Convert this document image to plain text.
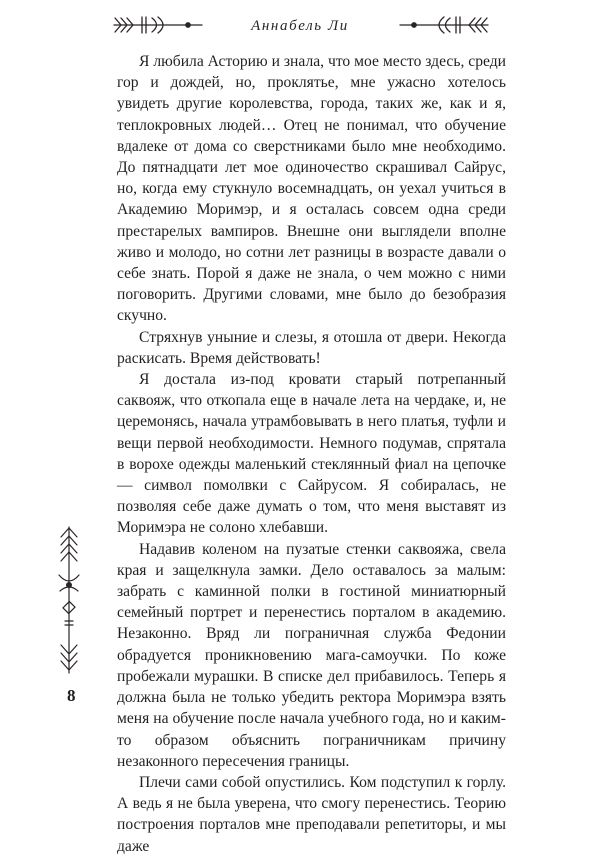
Аннабель Ли

Я любила Асторию и знала, что мое место здесь, среди гор и дождей, но, проклятье, мне ужасно хотелось увидеть другие королевства, города, таких же, как и я, теплокровных людей… Отец не понимал, что обучение вдалеке от дома со сверстниками было мне необходимо. До пятнадцати лет мое одиночество скрашивал Сайрус, но, когда ему стукнуло восемнадцать, он уехал учиться в Академию Моримэр, и я осталась совсем одна среди престарелых вампиров. Внешне они выглядели вполне живо и молодо, но сотни лет разницы в возрасте давали о себе знать. Порой я даже не знала, о чем можно с ними поговорить. Другими словами, мне было до безобразия скучно.

Стряхнув уныние и слезы, я отошла от двери. Некогда раскисать. Время действовать!

Я достала из-под кровати старый потрепанный саквояж, что откопала еще в начале лета на чердаке, и, не церемонясь, начала утрамбовывать в него платья, туфли и вещи первой необходимости. Немного подумав, спрятала в ворохе одежды маленький стеклянный фиал на цепочке — символ помолвки с Сайрусом. Я собиралась, не позволяя себе даже думать о том, что меня выставят из Моримэра не солоно хлебавши.

Надавив коленом на пузатые стенки саквояжа, свела края и защелкнула замки. Дело оставалось за малым: забрать с каминной полки в гостиной миниатюрный семейный портрет и перенестись порталом в академию. Незаконно. Вряд ли пограничная служба Федонии обрадуется проникновению мага-самоучки. По коже пробежали мурашки. В списке дел прибавилось. Теперь я должна была не только убедить ректора Моримэра взять меня на обучение после начала учебного года, но и каким-то образом объяснить пограничникам причину незаконного пересечения границы.

Плечи сами собой опустились. Ком подступил к горлу. А ведь я не была уверена, что смогу перенестись. Теорию построения порталов мне преподавали репетиторы, и мы даже

8
